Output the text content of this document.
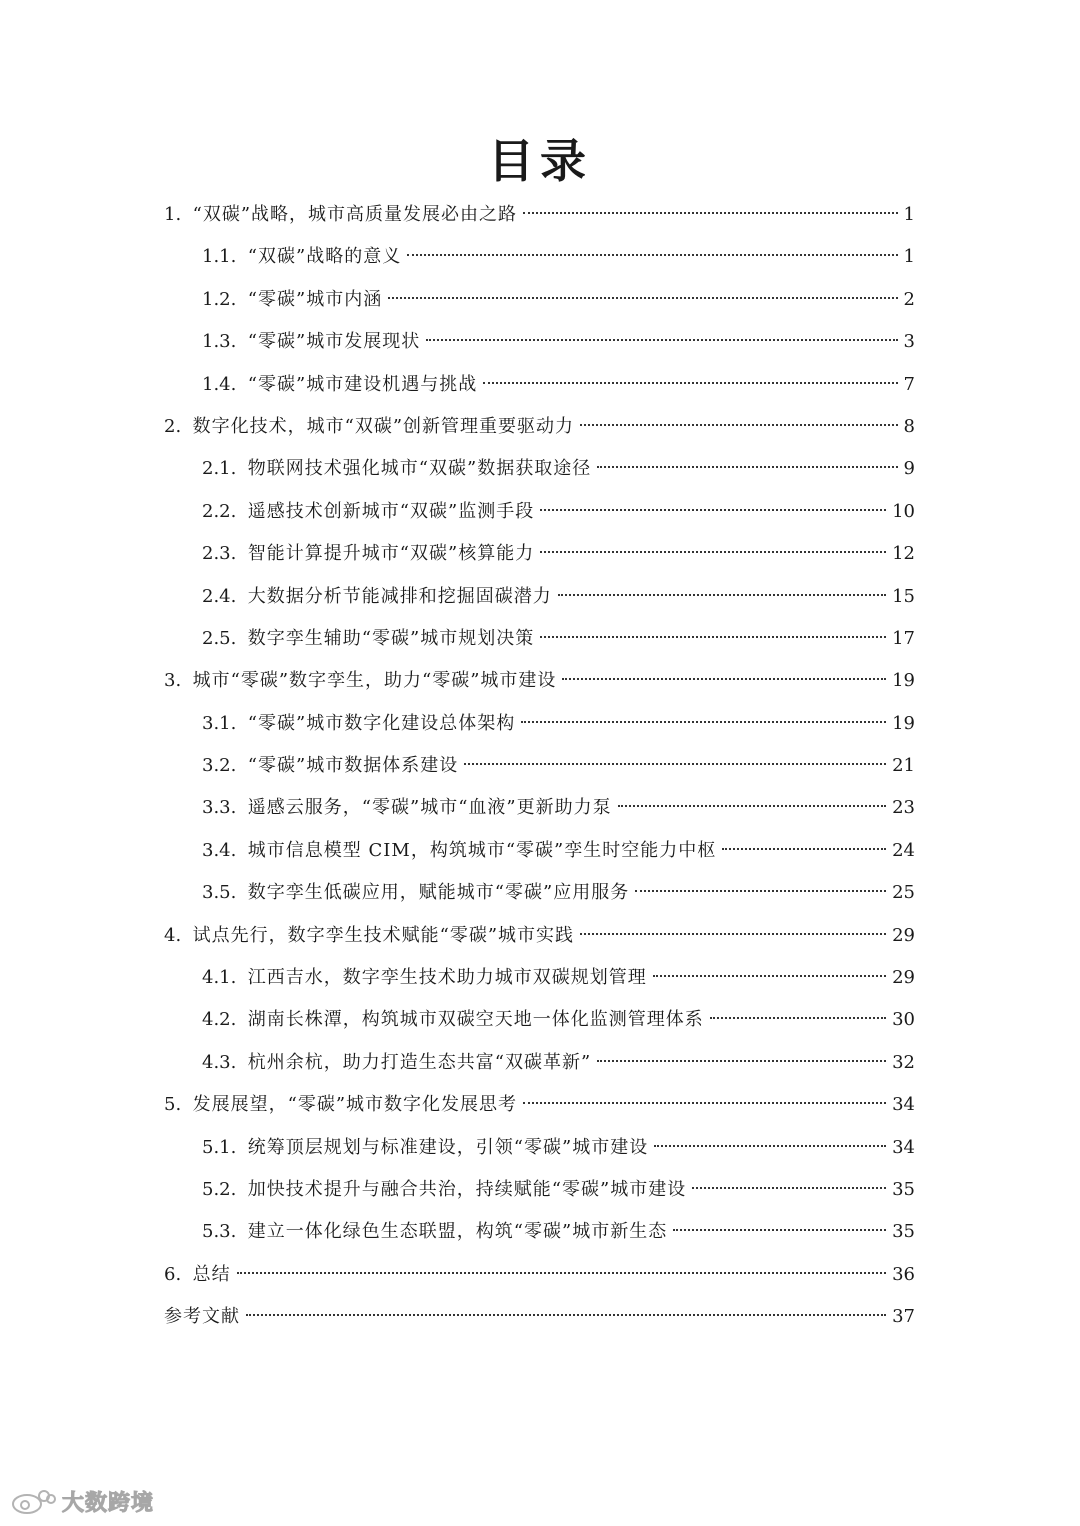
目录
1. “双碳”战略，城市高质量发展必由之路	1
1.1. “双碳”战略的意义	1
1.2. “零碳”城市内涵	2
1.3. “零碳”城市发展现状	3
1.4. “零碳”城市建设机遇与挑战	7
2. 数字化技术，城市“双碳”创新管理重要驱动力	8
2.1. 物联网技术强化城市“双碳”数据获取途径	9
2.2. 遥感技术创新城市“双碳”监测手段	10
2.3. 智能计算提升城市“双碳”核算能力	12
2.4. 大数据分析节能减排和挖掘固碳潜力	15
2.5. 数字孪生辅助“零碳”城市规划决策	17
3. 城市“零碳”数字孪生，助力“零碳”城市建设	19
3.1. “零碳”城市数字化建设总体架构	19
3.2. “零碳”城市数据体系建设	21
3.3. 遥感云服务，“零碳”城市“血液”更新助力泵	23
3.4. 城市信息模型 CIM，构筑城市“零碳”孪生时空能力中枢	24
3.5. 数字孪生低碳应用，赋能城市“零碳”应用服务	25
4. 试点先行，数字孪生技术赋能“零碳”城市实践	29
4.1. 江西吉水，数字孪生技术助力城市双碳规划管理	29
4.2. 湖南长株潭，构筑城市双碳空天地一体化监测管理体系	30
4.3. 杭州余杭，助力打造生态共富“双碳革新”	32
5. 发展展望，“零碳”城市数字化发展思考	34
5.1. 统筹顶层规划与标准建设，引领“零碳”城市建设	34
5.2. 加快技术提升与融合共治，持续赋能“零碳”城市建设	35
5.3. 建立一体化绿色生态联盟，构筑“零碳”城市新生态	35
6. 总结	36
参考文献	37
大数跨境
